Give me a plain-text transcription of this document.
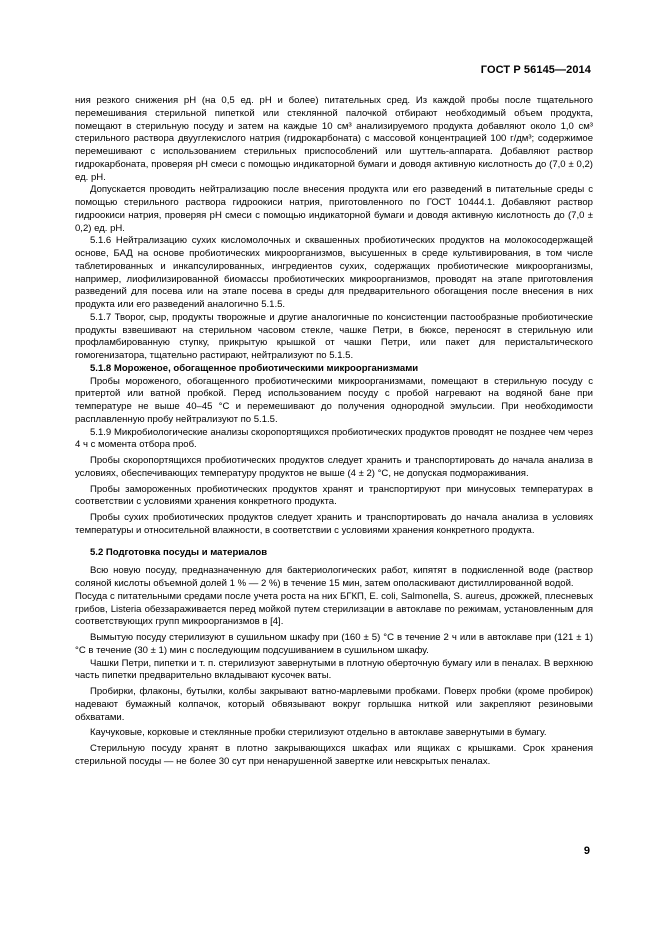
ГОСТ Р 56145—2014

ния резкого снижения pH (на 0,5 ед. pH и более) питательных сред. Из каждой пробы после тщательного перемешивания стерильной пипеткой или стеклянной палочкой отбирают необходимый объем продукта, помещают в стерильную посуду и затем на каждые 10 см³ анализируемого продукта добавляют около 1,0 см³ стерильного раствора двууглекислого натрия (гидрокарбоната) с массовой концентрацией 100 г/дм³; содержимое перемешивают с использованием стерильных приспособлений или шуттель-аппарата. Добавляют раствор гидрокарбоната, проверяя pH смеси с помощью индикаторной бумаги и доводя активную кислотность до (7,0 ± 0,2) ед. pH.

Допускается проводить нейтрализацию после внесения продукта или его разведений в питательные среды с помощью стерильного раствора гидроокиси натрия, приготовленного по ГОСТ 10444.1. Добавляют раствор гидроокиси натрия, проверяя pH смеси с помощью индикаторной бумаги и доводя активную кислотность до (7,0 ± 0,2) ед. pH.

5.1.6 Нейтрализацию сухих кисломолочных и сквашенных пробиотических продуктов на молокосодержащей основе, БАД на основе пробиотических микроорганизмов, высушенных в среде культивирования, в том числе таблетированных и инкапсулированных, ингредиентов сухих, содержащих пробиотические микроорганизмы, например, лиофилизированной биомассы пробиотических микроорганизмов, проводят на этапе приготовления разведений для посева или на этапе посева в среды для предварительного обогащения после внесения в них продукта или его разведений аналогично 5.1.5.

5.1.7 Творог, сыр, продукты творожные и другие аналогичные по консистенции пастообразные пробиотические продукты взвешивают на стерильном часовом стекле, чашке Петри, в бюксе, переносят в стерильную или профламбированную ступку, прикрытую крышкой от чашки Петри, или пакет для перистальтического гомогенизатора, тщательно растирают, нейтрализуют по 5.1.5.

5.1.8 Мороженое, обогащенное пробиотическими микроорганизмами

Пробы мороженого, обогащенного пробиотическими микроорганизмами, помещают в стерильную посуду с притертой или ватной пробкой. Перед использованием посуду с пробой нагревают на водяной бане при температуре не выше 40–45 °С и перемешивают до получения однородной эмульсии. При необходимости расплавленную пробу нейтрализуют по 5.1.5.

5.1.9 Микробиологические анализы скоропортящихся пробиотических продуктов проводят не позднее чем через 4 ч с момента отбора проб.

Пробы скоропортящихся пробиотических продуктов следует хранить и транспортировать до начала анализа в условиях, обеспечивающих температуру продуктов не выше (4 ± 2) °С, не допуская подмораживания.

Пробы замороженных пробиотических продуктов хранят и транспортируют при минусовых температурах в соответствии с условиями хранения конкретного продукта.

Пробы сухих пробиотических продуктов следует хранить и транспортировать до начала анализа в условиях температуры и относительной влажности, в соответствии с условиями хранения конкретного продукта.

5.2 Подготовка посуды и материалов

Всю новую посуду, предназначенную для бактериологических работ, кипятят в подкисленной воде (раствор соляной кислоты объемной долей 1 % — 2 %) в течение 15 мин, затем ополаскивают дистиллированной водой.

Посуда с питательными средами после учета роста на них БГКП, E. coli, Salmonella, S. aureus, дрожжей, плесневых грибов, Listeria обеззараживается перед мойкой путем стерилизации в автоклаве по режимам, установленным для соответствующих групп микроорганизмов в [4].

Вымытую посуду стерилизуют в сушильном шкафу при (160 ± 5) °С в течение 2 ч или в автоклаве при (121 ± 1) °С в течение (30 ± 1) мин с последующим подсушиванием в сушильном шкафу.

Чашки Петри, пипетки и т. п. стерилизуют завернутыми в плотную оберточную бумагу или в пеналах. В верхнюю часть пипетки предварительно вкладывают кусочек ваты.

Пробирки, флаконы, бутылки, колбы закрывают ватно-марлевыми пробками. Поверх пробки (кроме пробирок) надевают бумажный колпачок, который обвязывают вокруг горлышка ниткой или закрепляют резиновыми обхватами.

Каучуковые, корковые и стеклянные пробки стерилизуют отдельно в автоклаве завернутыми в бумагу.

Стерильную посуду хранят в плотно закрывающихся шкафах или ящиках с крышками. Срок хранения стерильной посуды — не более 30 сут при ненарушенной завертке или невскрытых пеналах.

9
